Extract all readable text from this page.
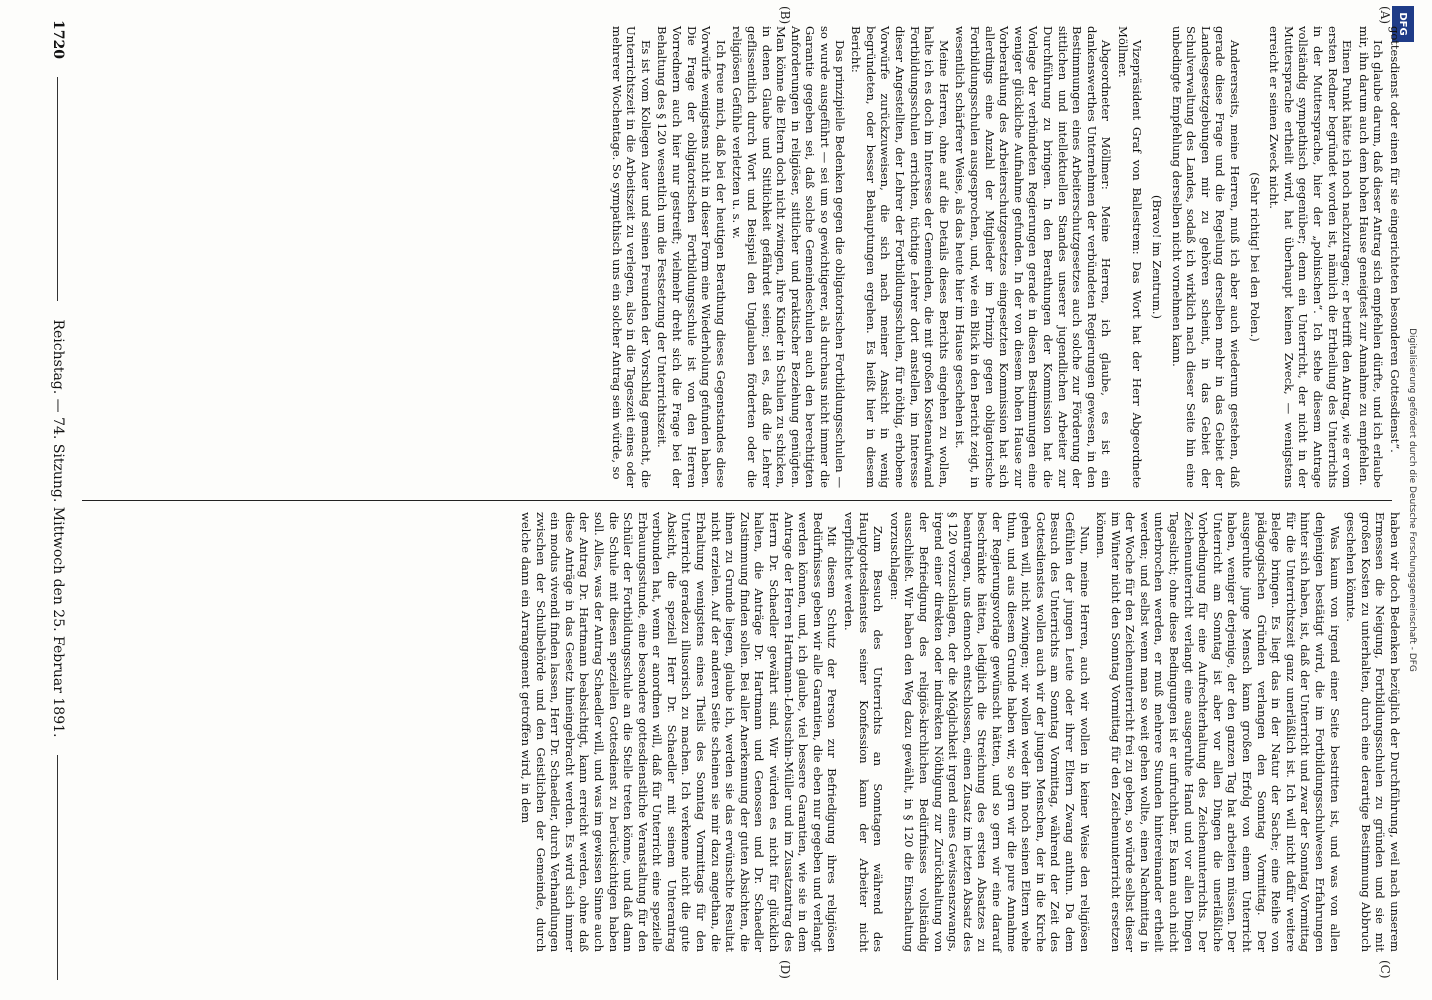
DFG
Digitalisierung gefördert durch die Deutsche Forschungsgemeinschaft - DFG
(A)
(B)
(C)
(D)

gottesdienst oder einen für sie eingerichteten besonderen Gottesdienst“.

Ich glaube darum, daß dieser Antrag sich empfehlen dürfte, und ich erlaube mir, ihn darum auch dem hohen Hause geneigtest zur Annahme zu empfehlen.

Einen Punkt hätte ich noch nachzutragen; er betrifft den Antrag, wie er vom ersten Redner begründet worden ist, nämlich die Ertheilung des Unterrichts in der Muttersprache, hier der „polnischen“. Ich stehe diesem Antrage vollständig sympathisch gegenüber; denn ein Unterricht, der nicht in der Muttersprache ertheilt wird, hat überhaupt keinen Zweck, — wenigstens erreicht er seinen Zweck nicht.

(Sehr richtig! bei den Polen.)

Andererseits, meine Herren, muß ich aber auch wiederum gestehen, daß gerade diese Frage und die Regelung derselben mehr in das Gebiet der Landesgesetzgebungen mir zu gehören scheint, in das Gebiet der Schulverwaltung des Landes, sodaß ich wirklich nach dieser Seite hin eine unbedingte Empfehlung derselben nicht vornehmen kann.

(Bravo! im Zentrum.)

Vizepräsident Graf von Ballestrem: Das Wort hat der Herr Abgeordnete Möllmer.

Abgeordneter Möllmer: Meine Herren, ich glaube, es ist ein dankenswerthes Unternehmen der verbündeten Regierungen gewesen, in den Bestimmungen eines Arbeiterschutzgesetzes auch solche zur Förderung der sittlichen und intellektuellen Standes unserer jugendlichen Arbeiter zur Durchführung zu bringen. In den Berathungen der Kommission hat die Vorlage der verbündeten Regierungen gerade in diesen Bestimmungen eine weniger glückliche Aufnahme gefunden. In der von diesem hohen Hause zur Vorberathung des Arbeiterschutzgesetzes eingesetzten Kommission hat sich allerdings eine Anzahl der Mitglieder im Prinzip gegen obligatorische Fortbildungsschulen ausgesprochen, und, wie ein Blick in den Bericht zeigt, in wesentlich schärferer Weise, als das heute hier im Hause geschehen ist.

Meine Herren, ohne auf die Details dieses Berichts eingehen zu wollen, halte ich es doch im Interesse der Gemeinden, die mit großen Kostenaufwand Fortbildungsschulen errichten, tüchtige Lehrer dort anstellen, im Interesse dieser Angestellten, der Lehrer der Fortbildungsschulen, für nöthig, erhobene Vorwürfe zurückzuweisen, die sich nach meiner Ansicht in wenig begründeten, oder besser Behauptungen ergehen. Es heißt hier in diesem Bericht:

Das prinzipielle Bedenken gegen die obligatorischen Fortbildungsschulen — so wurde ausgeführt — sei um so gewichtigerer, als durchaus nicht immer die Garantie gegeben sei, daß solche Gemeindeschulen auch den berechtigten Anforderungen in religiöser, sittlicher und praktischer Beziehung genügten. Man könne die Eltern doch nicht zwingen, ihre Kinder in Schulen zu schicken, in denen Glaube und Sittlichkeit gefährdet seien; sei es, daß die Lehrer geflissentlich durch Wort und Beispiel den Unglauben förderten oder die religiösen Gefühle verletzten u. s. w.

Ich freue mich, daß bei der heutigen Berathung dieses Gegenstandes diese Vorwürfe wenigstens nicht in dieser Form eine Wiederholung gefunden haben. Die Frage der obligatorischen Fortbildungsschule ist von den Herren Vorrednern auch hier nur gestreift; vielmehr dreht sich die Frage bei der Behaltung des § 120 wesentlich um die Festsetzung der Unterrichtszeit.

Es ist vom Kollegen Auer und seinen Freunden der Vorschlag gemacht, die Unterrichtszeit in die Arbeitszeit zu verlegen, also in die Tageszeit eines oder mehrerer Wochentage. So sympathisch uns ein solcher Antrag sein würde, so

haben wir doch Bedenken bezüglich der Durchführung, weil nach unserem Ermessen die Neigung, Fortbildungsschulen zu gründen und sie mit großen Kosten zu unterhalten, durch eine derartige Bestimmung Abbruch geschehen könnte.

Was kaum von irgend einer Seite bestritten ist, und was von allen denjenigen bestätigt wird, die im Fortbildungsschulwesen Erfahrungen hinter sich haben, ist, daß der Unterricht und zwar der Sonntag Vormittag für die Unterrichtszeit ganz unerläßlich ist. Ich will nicht dafür weitere Belege bringen. Es liegt das in der Natur der Sache; eine Reihe von pädagogischen Gründen verlangen den Sonntag Vormittag. Der ausgeruhte junge Mensch kann großen Erfolg von einem Unterricht haben, weniger derjenige, der den ganzen Tag hat arbeiten müssen. Der Unterricht am Sonntag ist aber vor allen Dingen die unerläßliche Vorbedingung für eine Aufrechterhaltung des Zeichenunterrichts. Der Zeichenunterricht verlangt eine ausgeruhte Hand und vor allen Dingen Tageslicht; ohne diese Bedingungen ist er unfruchtbar. Es kann auch nicht unterbrochen werden, er muß mehrere Stunden hintereinander ertheilt werden; und selbst wenn man so weit gehen wollte, einen Nachmittag in der Woche für den Zeichenunterricht frei zu geben, so würde selbst dieser im Winter nicht den Sonntag Vormittag für den Zeichenunterricht ersetzen können.

Nun, meine Herren, auch wir wollen in keiner Weise den religiösen Gefühlen der jungen Leute oder ihrer Eltern Zwang anthun. Da dem Besuch des Unterrichts am Sonntag Vormittag, während der Zeit des Gottesdienstes wollen auch wir der jungen Menschen, der in die Kirche gehen will, nicht zwingen; wir wollen weder ihn noch seinen Eltern wehe thun, und aus diesem Grunde haben wir, so gern wir die pure Annahme der Regierungsvorlage gewünscht hätten, und so gern wir eine darauf beschränkte hätten, lediglich die Streichung des ersten Absatzes zu beantragen, uns dennoch entschlossen, einen Zusatz im letzten Absatz des § 120 vorzuschlagen, der die Möglichkeit irgend eines Gewissenszwangs, irgend einer direkten oder indirekten Nöthigung zur Zurückhaltung von der Befriedigung des religiös-kirchlichen Bedürfnisses vollständig ausschließt. Wir haben den Weg dazu gewählt, in § 120 die Einschaltung vorzuschlagen:

Zum Besuch des Unterrichts an Sonntagen während des Hauptgottesdienstes seiner Konfession kann der Arbeiter nicht verpflichtet werden.

Mit diesem Schutz der Person zur Befriedigung ihres religiösen Bedürfnisses geben wir alle Garantien, die eben nur gegeben und verlangt werden können, und, ich glaube, viel bessere Garantien, wie sie in dem Antrage der Herren Hartmann-Lebuschin-Müller und im Zusatzantrag des Herrn Dr. Schaedler gewährt sind. Wir würden es nicht für glücklich halten, die Anträge Dr. Hartmann und Genossen und Dr. Schaedler Zustimmung finden sollen. Bei aller Anerkennung der guten Absichten, die ihnen zu Grunde liegen, glaube ich, werden sie das erwünschte Resultat nicht erzielen. Auf der anderen Seite scheinen sie mir dazu angethan, die Erhaltung wenigstens eines Theils des Sonntag Vormittags für den Unterricht geradezu illusorisch zu machen. Ich verkenne nicht die gute Absicht, die speziell Herr Dr. Schaedler mit seinem Unterantrag verbunden hat, wenn er anordnen will, daß für Unterricht eine spezielle Erbauungsstunde, eine besondere gottesdienstliche Veranstaltung für den Schüler der Fortbildungsschule an die Stelle treten könne, und daß dann die Schule mit diesen speziellen Gottesdienst zu berücksichtigen haben soll. Alles, was der Antrag Schaedler will, und was im gewissen Sinne auch der Antrag Dr. Hartmann beabsichtigt, kann erreicht werden, ohne daß diese Anträge in das Gesetz hineingebracht werden. Es wird sich immer ein modus vivendi finden lassen, Herr Dr. Schaedler, durch Verhandlungen zwischen der Schulbehörde und den Geistlichen der Gemeinde, durch welche dann ein Arrangement getroffen wird, in dem

1720
Reichstag. — 74. Sitzung. Mittwoch den 25. Februar 1891.
